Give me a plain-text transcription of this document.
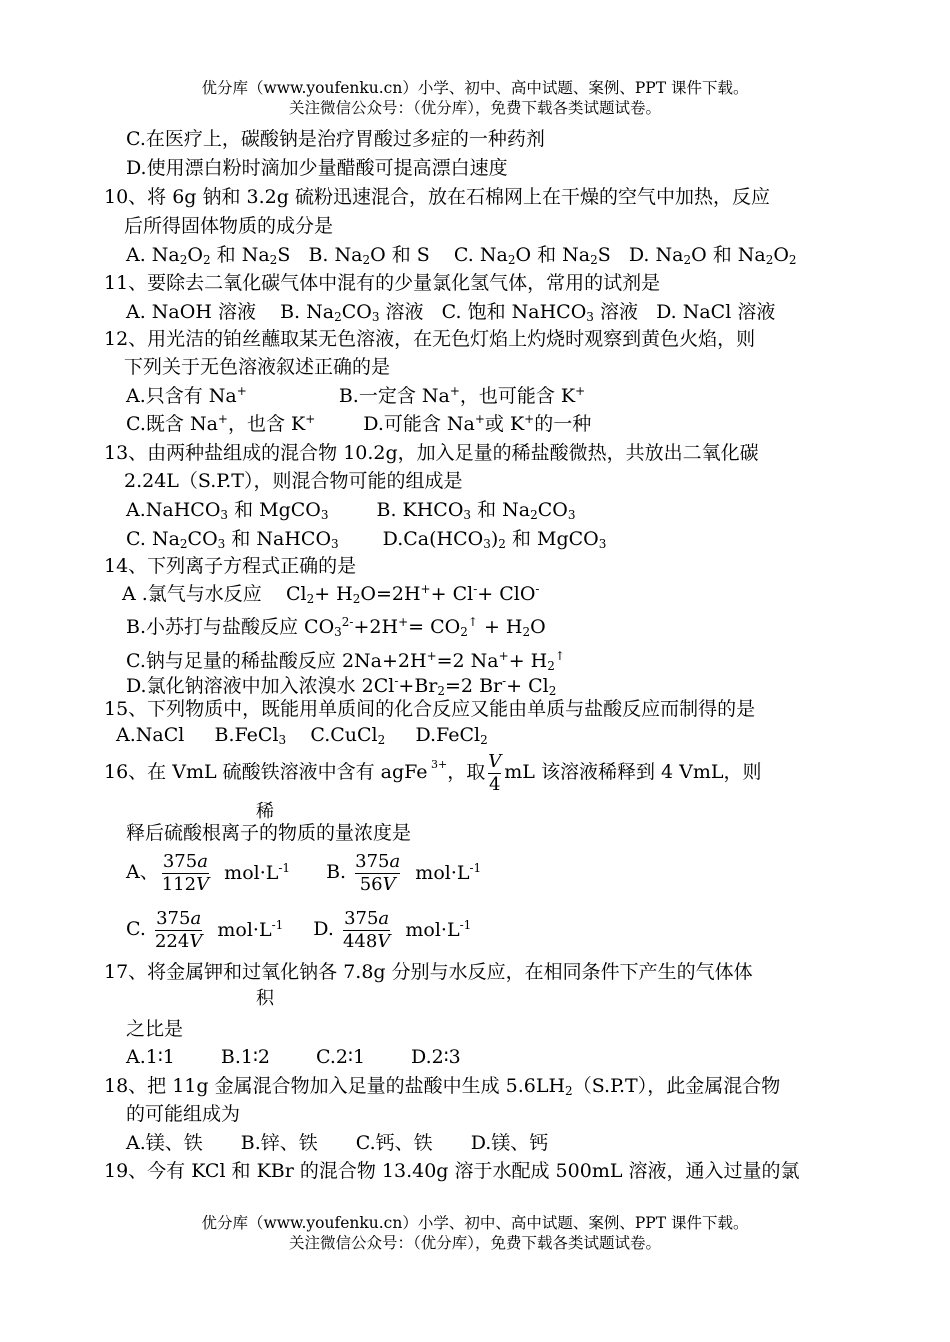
优分库（www.youfenku.cn）小学、初中、高中试题、案例、PPT 课件下载。
关注微信公众号：（优分库），免费下载各类试题试卷。
C.在医疗上，碳酸钠是治疗胃酸过多症的一种药剂
D.使用漂白粉时滴加少量醋酸可提高漂白速度
10、将 6g 钠和 3.2g 硫粉迅速混合，放在石棉网上在干燥的空气中加热，反应
后所得固体物质的成分是
A. $Na_2O_2$ 和 $Na_2S$   B. $Na_2O$ 和 S    C. $Na_2O$ 和 $Na_2S$   D. $Na_2O$ 和 $Na_2O_2$
11、要除去二氧化碳气体中混有的少量氯化氢气体，常用的试剂是
A. NaOH 溶液    B. $Na_2CO_3$ 溶液   C. 饱和 NaHCO$_3$ 溶液   D. NaCl 溶液
12、用光洁的铂丝蘸取某无色溶液，在无色灯焰上灼烧时观察到黄色火焰，则
下列关于无色溶液叙述正确的是
A.只含有 Na+	B.一定含 Na+，也可能含 K+
C.既含 Na+，也含 K+	D.可能含 Na+或 K+的一种
13、由两种盐组成的混合物 10.2g，加入足量的稀盐酸微热，共放出二氧化碳
2.24L（S.P.T），则混合物可能的组成是
A.NaHCO$_3$ 和 MgCO$_3$	B. $KHCO_3$ 和 $Na_2CO_3$
C. $Na_2CO_3$ 和 NaHCO$_3$ $D.Ca(HCO_3)_2$ 和 MgCO$_3$
14、下列离子方程式正确的是
A .氯气与水反应    $Cl_2+ H_2O=2H^++ Cl^-+ ClO^-$
B.小苏打与盐酸反应 $CO_3^{2-}+2H^+= CO_2^↑ + H_2O$
C.钠与足量的稀盐酸反应 2Na+2H+=2 $Na^++ H_2^↑$
D.氯化钠溶液中加入浓溴水 $2Cl^-+Br_2=2$ $Br^-+ Cl_2$
15、下列物质中，既能用单质间的化合反应又能由单质与盐酸反应而制得的是
A.NaCl     B.FeCl$_3$    C.CuCl$_2$     D.FeCl$_2$
16、在 VmL 硫酸铁溶液中含有 agFe $^{3+}$，取 $\frac{V}{4}$ mL 该溶液稀释到 4 VmL，则
稀
释后硫酸根离子的物质的量浓度是
A、 $\frac{375a}{112V} mol\cdot L^{-1}$ B. $\frac{375a}{56V} mol\cdot L^{-1}$
C. $\frac{375a}{224V} mol\cdot L^{-1}$ D. $\frac{375a}{448V} mol\cdot L^{-1}$
17、将金属钾和过氧化钠各 7.8g 分别与水反应，在相同条件下产生的气体体
积
之比是
A.1∶1 B.1∶2 C.2∶1 D.2∶3
18、把 11g 金属混合物加入足量的盐酸中生成 $5.6LH_2(S.P.T)$，此金属混合物
的可能组成为
A.镁、铁 B.锌、铁 C.钙、铁 D.镁、钙
19、今有 KCl 和 KBr 的混合物 13.40g 溶于水配成 500mL 溶液，通入过量的氯
优分库（www.youfenku.cn）小学、初中、高中试题、案例、PPT 课件下载。
关注微信公众号：（优分库），免费下载各类试题试卷。
